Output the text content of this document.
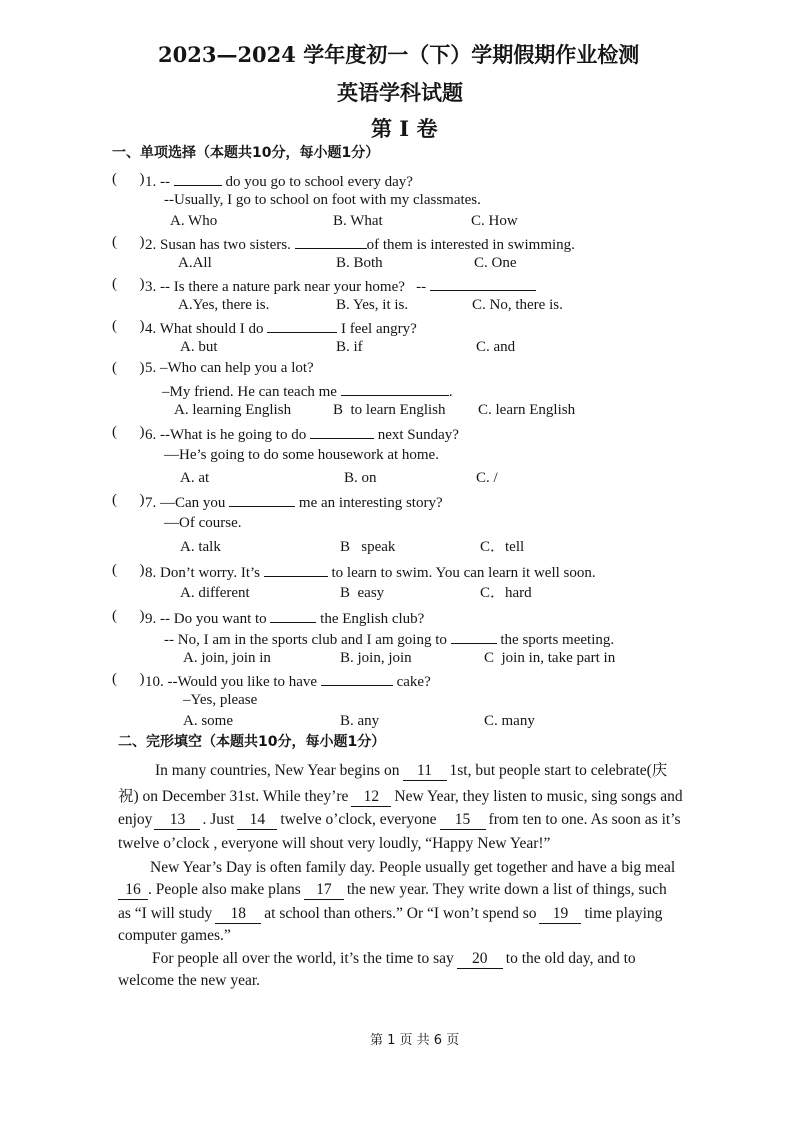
2023—2024 学年度初一（下）学期假期作业检测
英语学科试题
第 I 卷
一、单项选择（本题共10分，每小题1分）
(      ) 1. --	do you go to school every day?
--Usually, I go to school on foot with my classmates.
A. Who	B. What	C. How
(      ) 2. Susan has two sisters.	of them is interested in swimming.
A.All	B. Both	C. One
(      ) 3. -- Is there a nature park near your home?   --
A.Yes, there is.	B. Yes, it is.	C. No, there is.
(      ) 4. What should I do	I feel angry?
A. but	B. if	C. and
(      ) 5. –Who can help you a lot?
–My friend. He can teach me	.
A. learning English	B  to learn English C. learn English
(      ) 6. --What is he going to do	next Sunday?
—He’s going to do some housework at home.
A. at	B. on	C. /
(      ) 7. —Can you	me an interesting story?
—Of course.
A. talk	B   speak	C．tell
(      ) 8. Don’t worry. It’s	to learn to swim. You can learn it well soon.
A. different	B  easy	C．hard
(      ) 9. -- Do you want to	the English club?
-- No, I am in the sports club and I am going to	the sports meeting.
A. join, join in	B. join, join	C  join in, take part in
(      ) 10. --Would you like to have	cake?
–Yes, please
A. some	B. any	C. many
二、完形填空（本题共10分，每小题1分）
In many countries, New Year begins on 11 1st, but people start to celebrate(庆
祝) on December 31st. While they’re 12 New Year, they listen to music, sing songs and
enjoy 13 . Just 14 twelve o’clock, everyone 15 from ten to one. As soon as it’s
twelve o’clock , everyone will shout very loudly, “Happy New Year!”
New Year’s Day is often family day. People usually get together and have a big meal
16 . People also make plans 17 the new year. They write down a list of things, such
as “I will study 18 at school than others.” Or “I won’t spend so 19 time playing
computer games.”
For people all over the world, it’s the time to say 20 to the old day, and to
welcome the new year.
第 1 页 共 6 页
